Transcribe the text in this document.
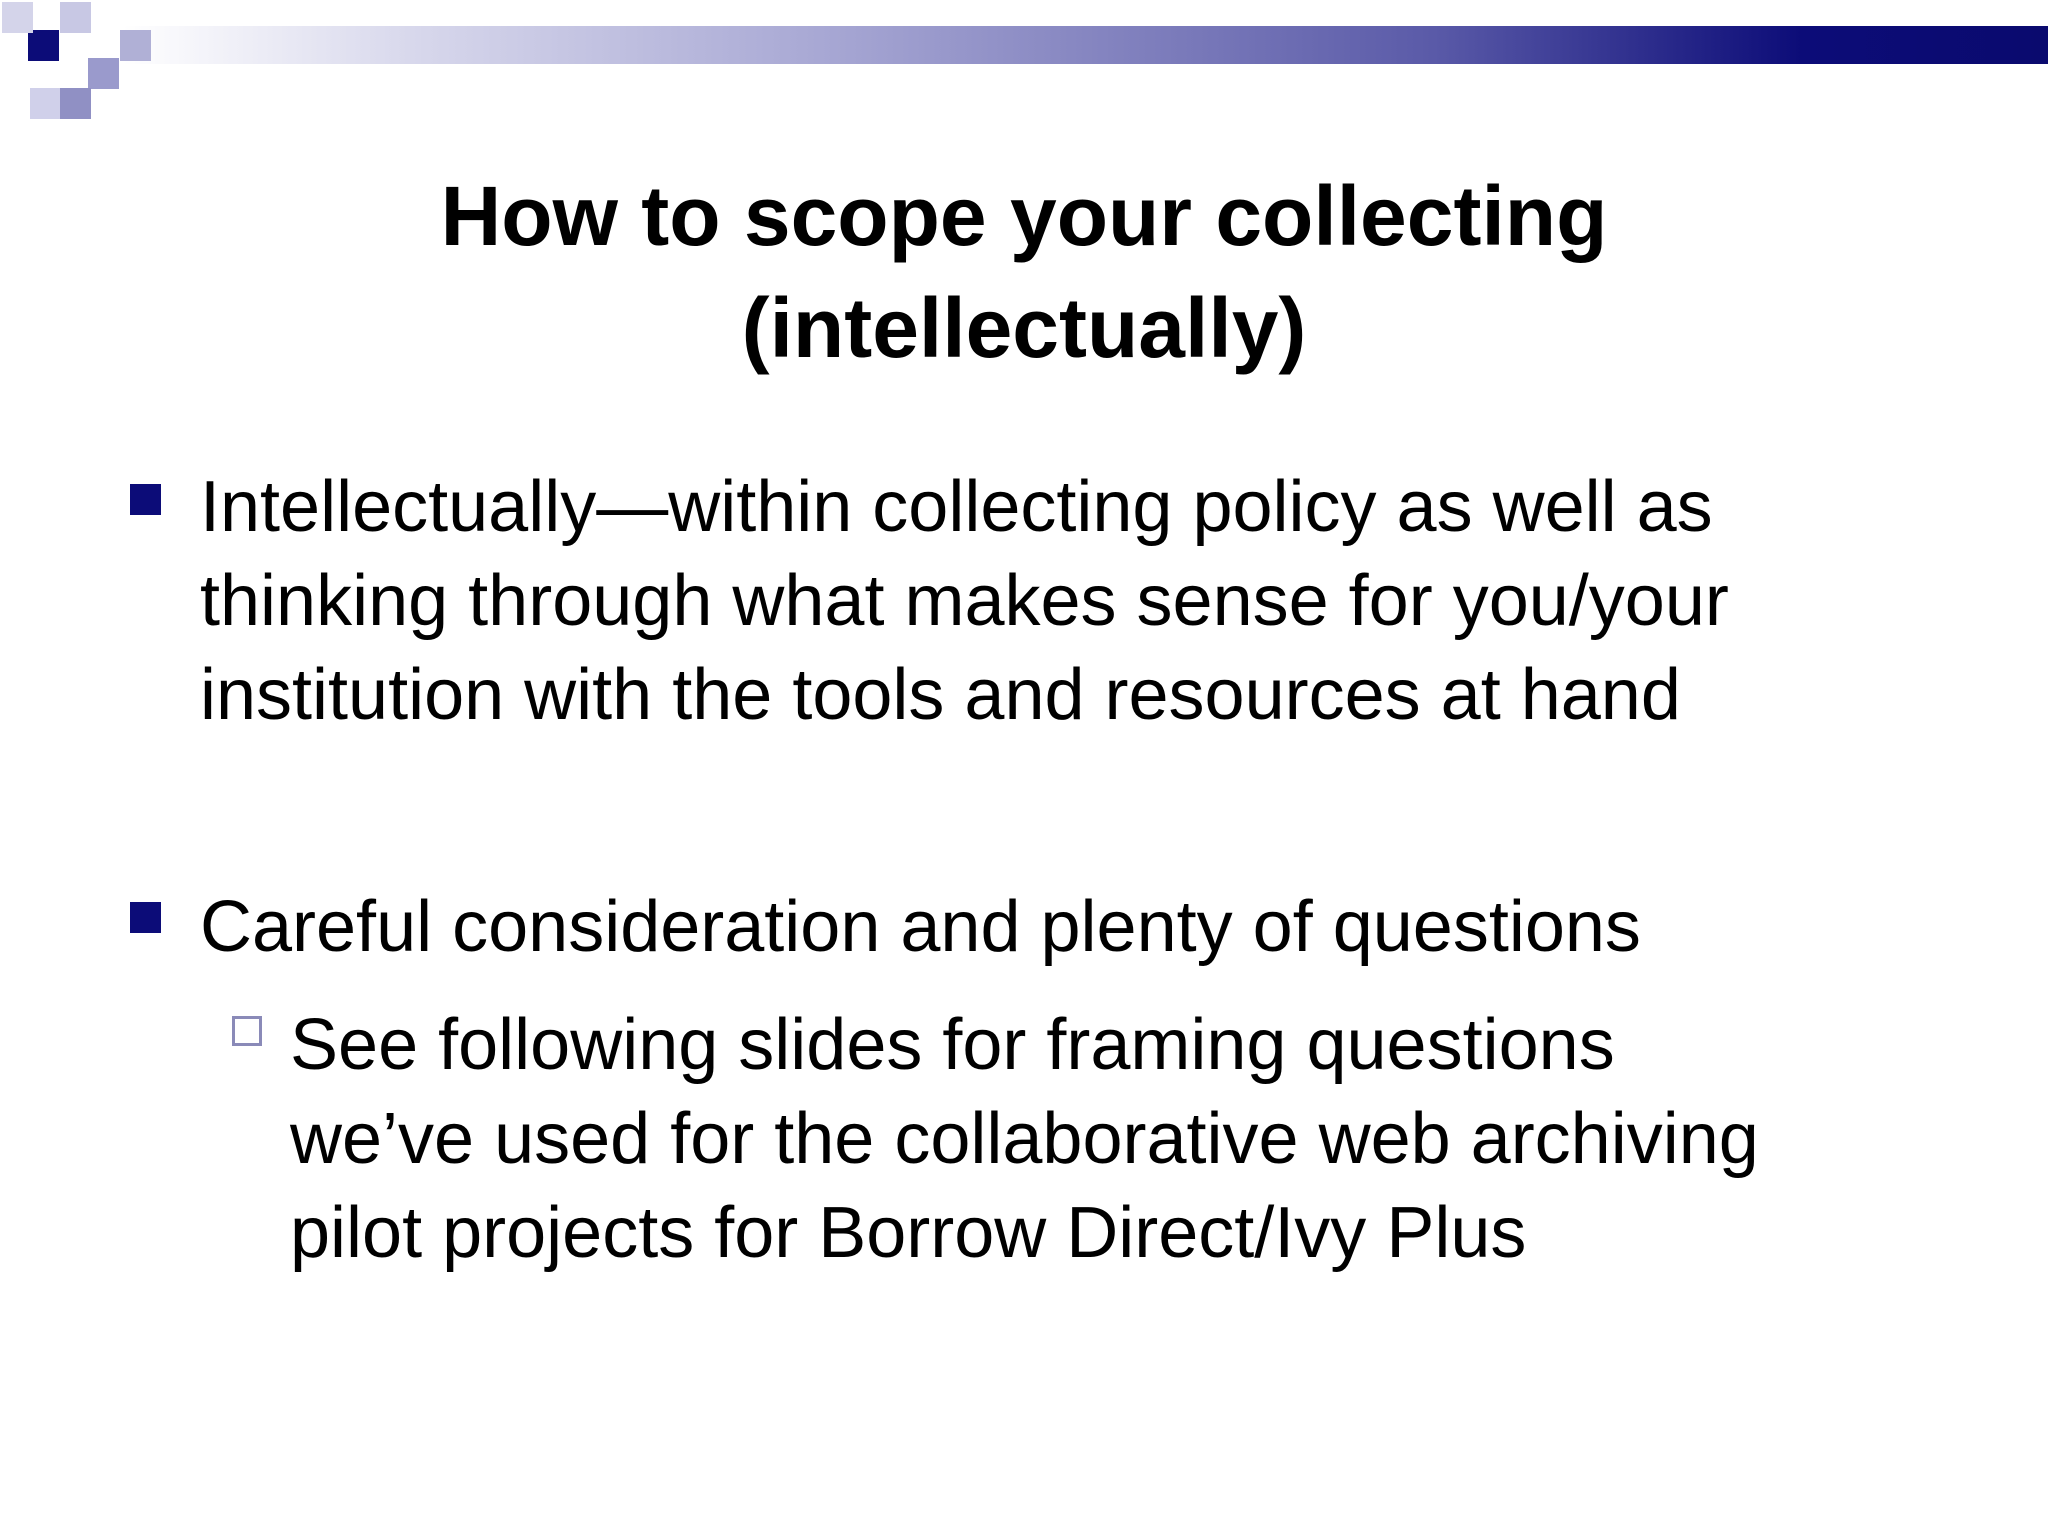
How to scope your collecting
(intellectually)
Intellectually—within collecting policy as well as
thinking through what makes sense for you/your
institution with the tools and resources at hand
Careful consideration and plenty of questions
See following slides for framing questions
we’ve used for the collaborative web archiving
pilot projects for Borrow Direct/Ivy Plus
